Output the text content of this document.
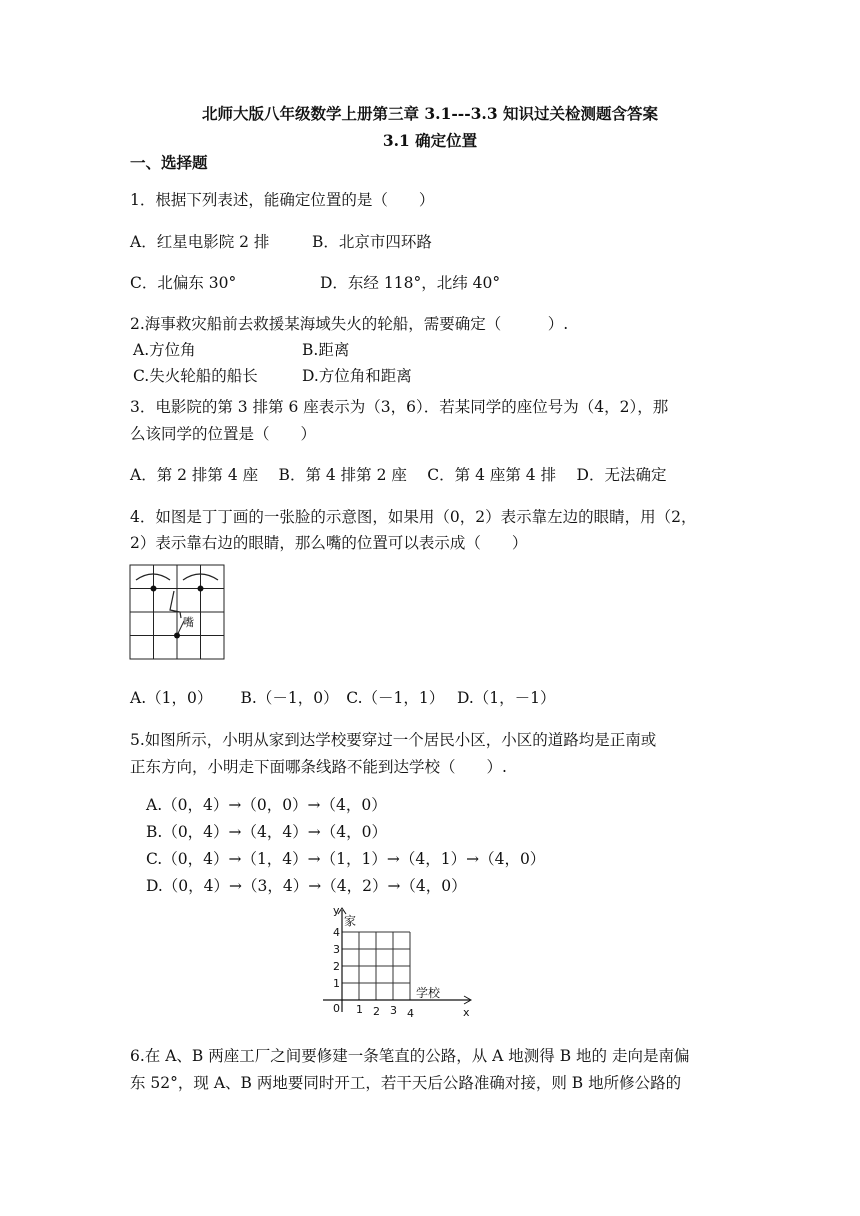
北师大版八年级数学上册第三章 3.1---3.3 知识过关检测题含答案
3.1 确定位置
一、选择题
1．根据下列表述，能确定位置的是（　　）
A．红星电影院 2 排	B．北京市四环路
C．北偏东 30°	D．东经 118°，北纬 40°
2.海事救灾船前去救援某海域失火的轮船，需要确定（　　　）.
A.方位角	B.距离
C.失火轮船的船长	D.方位角和距离
3．电影院的第 3 排第 6 座表示为（3，6）．若某同学的座位号为（4，2），那
么该同学的位置是（　　）
A．第 2 排第 4 座　 B．第 4 排第 2 座　 C．第 4 座第 4 排　 D．无法确定
4．如图是丁丁画的一张脸的示意图，如果用（0，2）表示靠左边的眼睛，用（2，
2）表示靠右边的眼睛，那么嘴的位置可以表示成（　　）
嘴
A.（1，0）　　 B.（－1，0）　C.（－1，1）　 D.（1，－1）
5.如图所示，小明从家到达学校要穿过一个居民小区，小区的道路均是正南或
正东方向，小明走下面哪条线路不能到达学校（　　）.
A.（0，4）→（0，0）→（4，0）
B.（0，4）→（4，4）→（4，0）
C.（0，4）→（1，4）→（1，1）→（4，1）→（4，0）
D.（0，4）→（3，4）→（4，2）→（4，0）
y
x
家
学校
0 1 2 3 4
1
2
3
4
6.在 A、B 两座工厂之间要修建一条笔直的公路，从 A 地测得 B 地的 走向是南偏
东 52°，现 A、B 两地要同时开工，若干天后公路准确对接，则 B 地所修公路的
